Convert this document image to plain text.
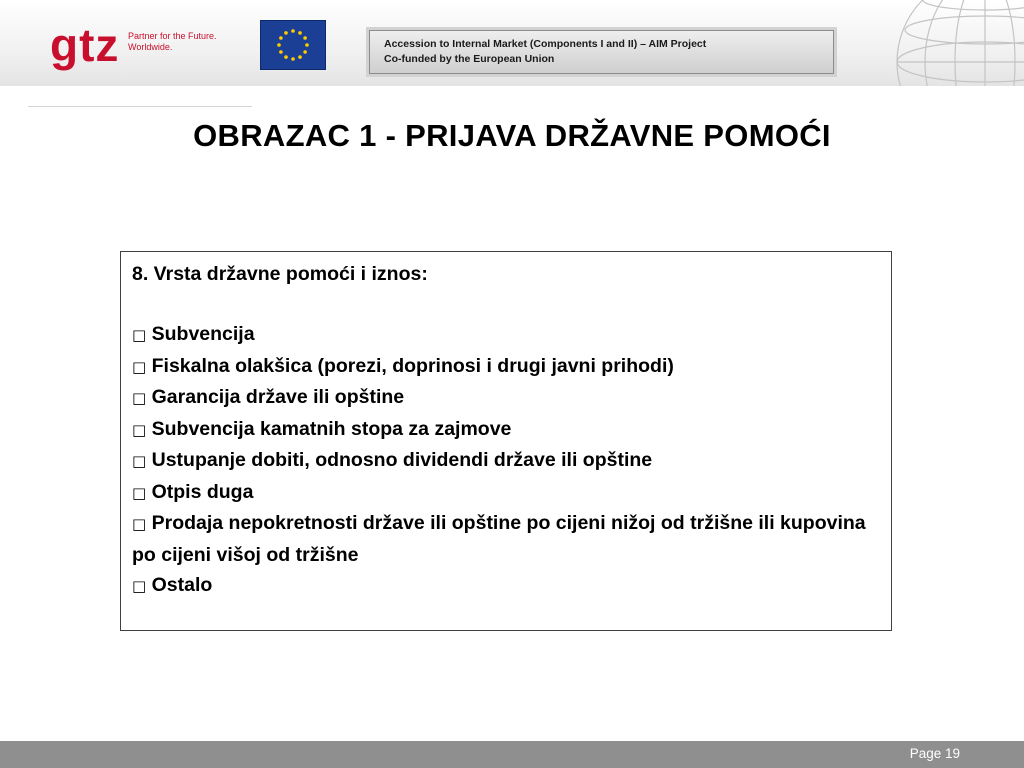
gtz Partner for the Future.
Worldwide.	Accession to Internal Market (Components I and II) – AIM Project
Co-funded by the European Union
OBRAZAC 1 - PRIJAVA DRŽAVNE POMOĆI
8. Vrsta državne pomoći i iznos:
□ Subvencija
□ Fiskalna olakšica (porezi, doprinosi i drugi javni prihodi)
□ Garancija države ili opštine
□ Subvencija kamatnih stopa za zajmove
□ Ustupanje dobiti, odnosno dividendi države ili opštine
□ Otpis duga
□ Prodaja nepokretnosti države ili opštine po cijeni nižoj od tržišne ili kupovina po cijeni višoj od tržišne
□ Ostalo
Page 19
